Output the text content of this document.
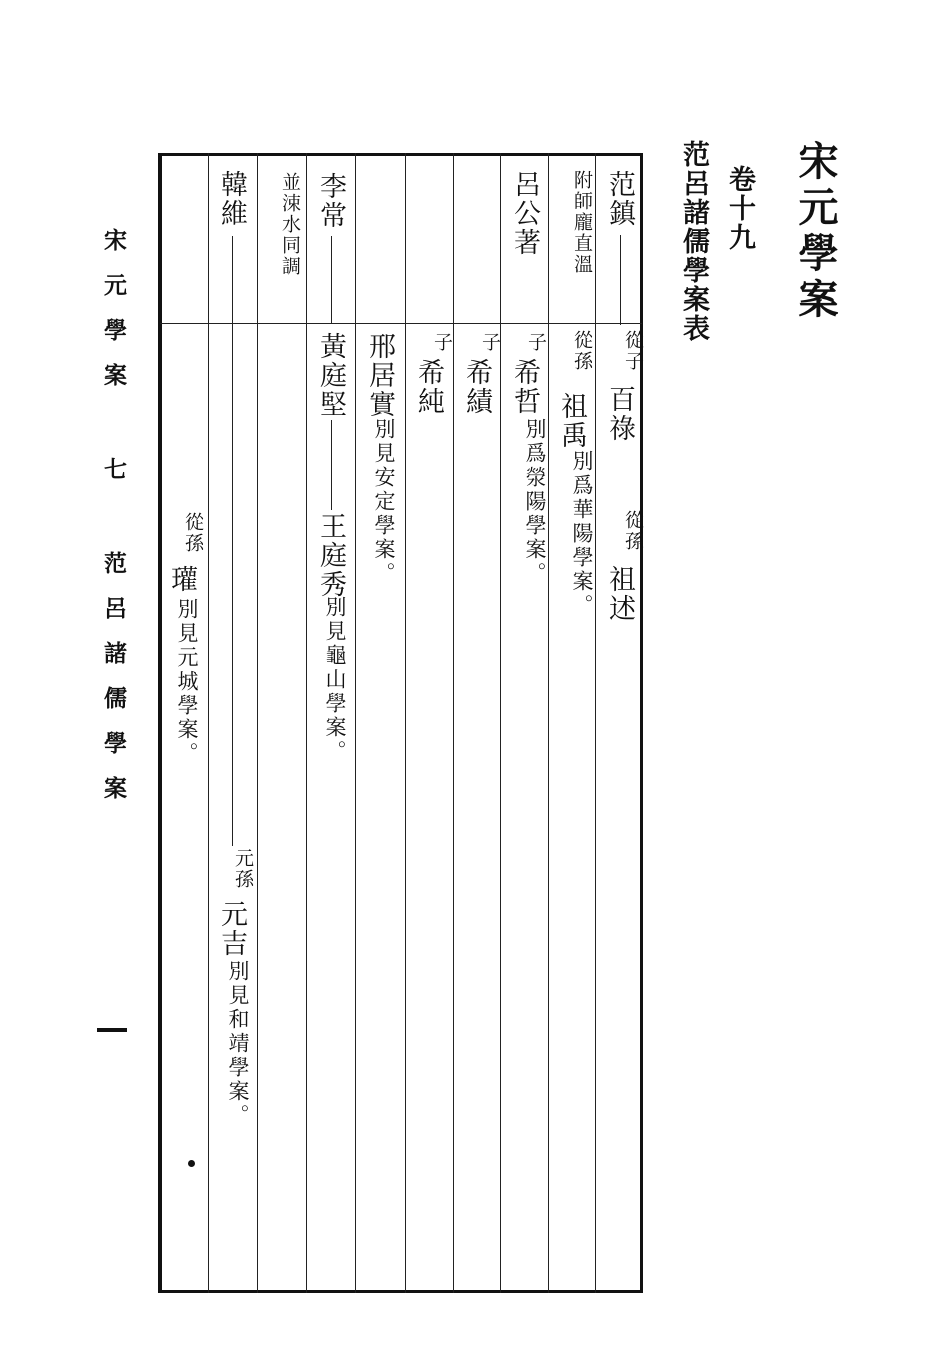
宋元學案
卷十九
范呂諸儒學案表
宋元學案 七 范呂諸儒學案
范鎮
從子
百祿
從孫
祖述
附師龐直溫
從孫
祖禹
別爲華陽學案。
呂公著
子
希哲
別爲滎陽學案。
子
希績
子
希純
邢居實
別見安定學案。
李常
黃庭堅
王庭秀
別見龜山學案。
並涑水同調
韓維
元孫
元吉
別見和靖學案。
從孫
瓘
別見元城學案。
